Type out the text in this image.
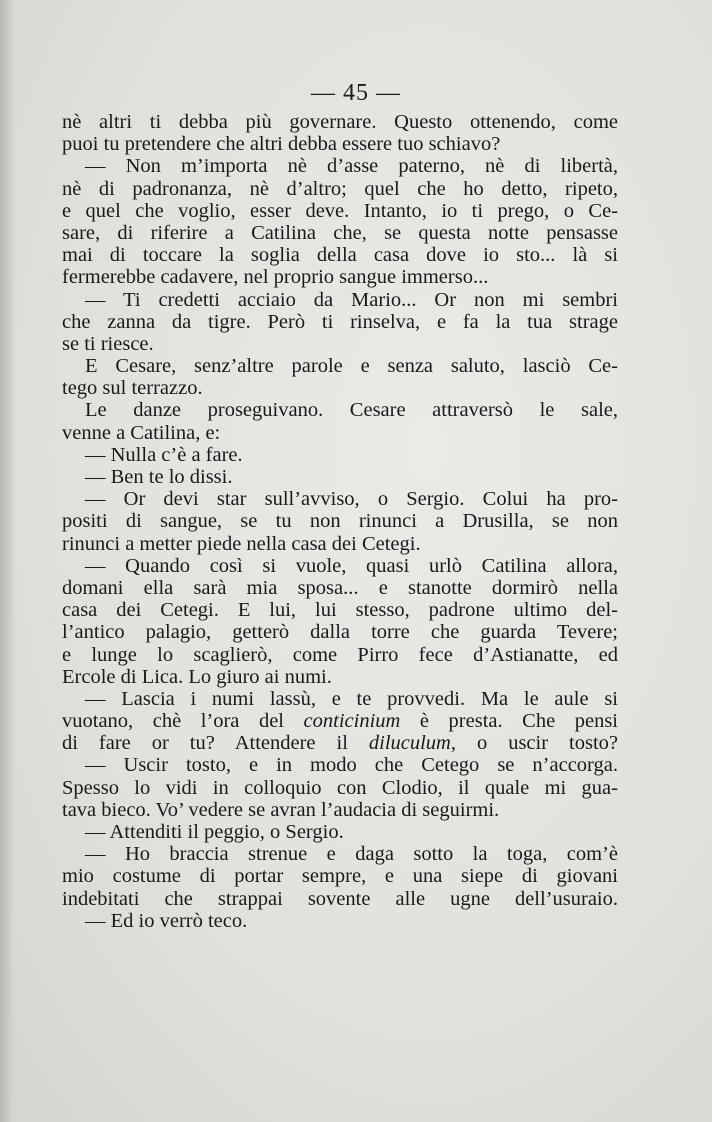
— 45 —
nè altri ti debba più governare. Questo ottenendo, come
puoi tu pretendere che altri debba essere tuo schiavo?
— Non m’importa nè d’asse paterno, nè di libertà,
nè di padronanza, nè d’altro; quel che ho detto, ripeto,
e quel che voglio, esser deve. Intanto, io ti prego, o Ce-
sare, di riferire a Catilina che, se questa notte pensasse
mai di toccare la soglia della casa dove io sto... là si
fermerebbe cadavere, nel proprio sangue immerso...
— Ti credetti acciaio da Mario... Or non mi sembri
che zanna da tigre. Però ti rinselva, e fa la tua strage
se ti riesce.
E Cesare, senz’altre parole e senza saluto, lasciò Ce-
tego sul terrazzo.
Le danze proseguivano. Cesare attraversò le sale,
venne a Catilina, e:
— Nulla c’è a fare.
— Ben te lo dissi.
— Or devi star sull’avviso, o Sergio. Colui ha pro-
positi di sangue, se tu non rinunci a Drusilla, se non
rinunci a metter piede nella casa dei Cetegi.
— Quando così si vuole, quasi urlò Catilina allora,
domani ella sarà mia sposa... e stanotte dormirò nella
casa dei Cetegi. E lui, lui stesso, padrone ultimo del-
l’antico palagio, getterò dalla torre che guarda Tevere;
e lunge lo scaglierò, come Pirro fece d’Astianatte, ed
Ercole di Lica. Lo giuro ai numi.
— Lascia i numi lassù, e te provvedi. Ma le aule si
vuotano, chè l’ora del conticinium è presta. Che pensi
di fare or tu? Attendere il diluculum, o uscir tosto?
— Uscir tosto, e in modo che Cetego se n’accorga.
Spesso lo vidi in colloquio con Clodio, il quale mi gua-
tava bieco. Vo’ vedere se avran l’audacia di seguirmi.
— Attenditi il peggio, o Sergio.
— Ho braccia strenue e daga sotto la toga, com’è
mio costume di portar sempre, e una siepe di giovani
indebitati che strappai sovente alle ugne dell’usuraio.
— Ed io verrò teco.
